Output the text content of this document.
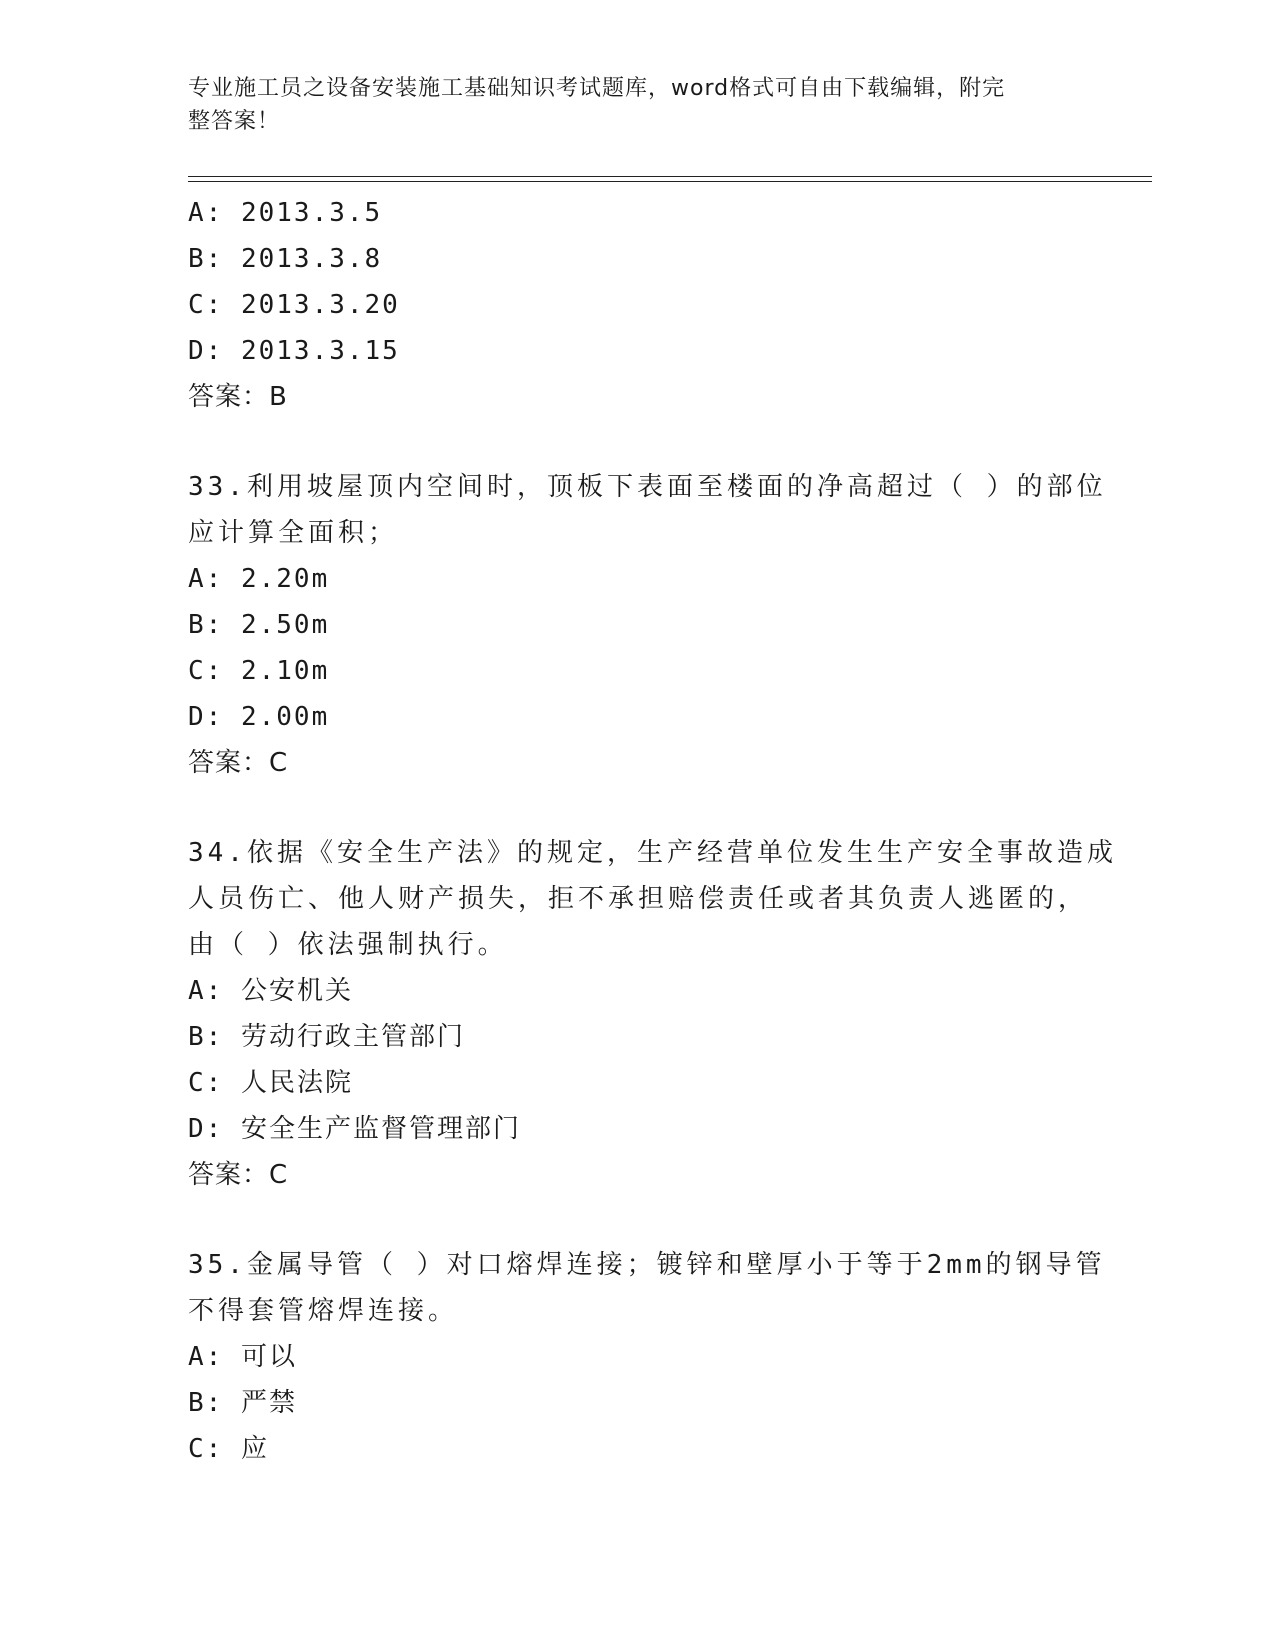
专业施工员之设备安装施工基础知识考试题库，word格式可自由下载编辑，附完
整答案！
A: 2013.3.5
B: 2013.3.8
C: 2013.3.20
D: 2013.3.15
答案：B
33.利用坡屋顶内空间时，顶板下表面至楼面的净高超过（ ）的部位
应计算全面积；
A: 2.20m
B: 2.50m
C: 2.10m
D: 2.00m
答案：C
34.依据《安全生产法》的规定，生产经营单位发生生产安全事故造成
人员伤亡、他人财产损失，拒不承担赔偿责任或者其负责人逃匿的，
由（ ）依法强制执行。
A: 公安机关
B: 劳动行政主管部门
C: 人民法院
D: 安全生产监督管理部门
答案：C
35.金属导管（ ）对口熔焊连接；镀锌和壁厚小于等于2mm的钢导管
不得套管熔焊连接。
A: 可以
B: 严禁
C: 应
